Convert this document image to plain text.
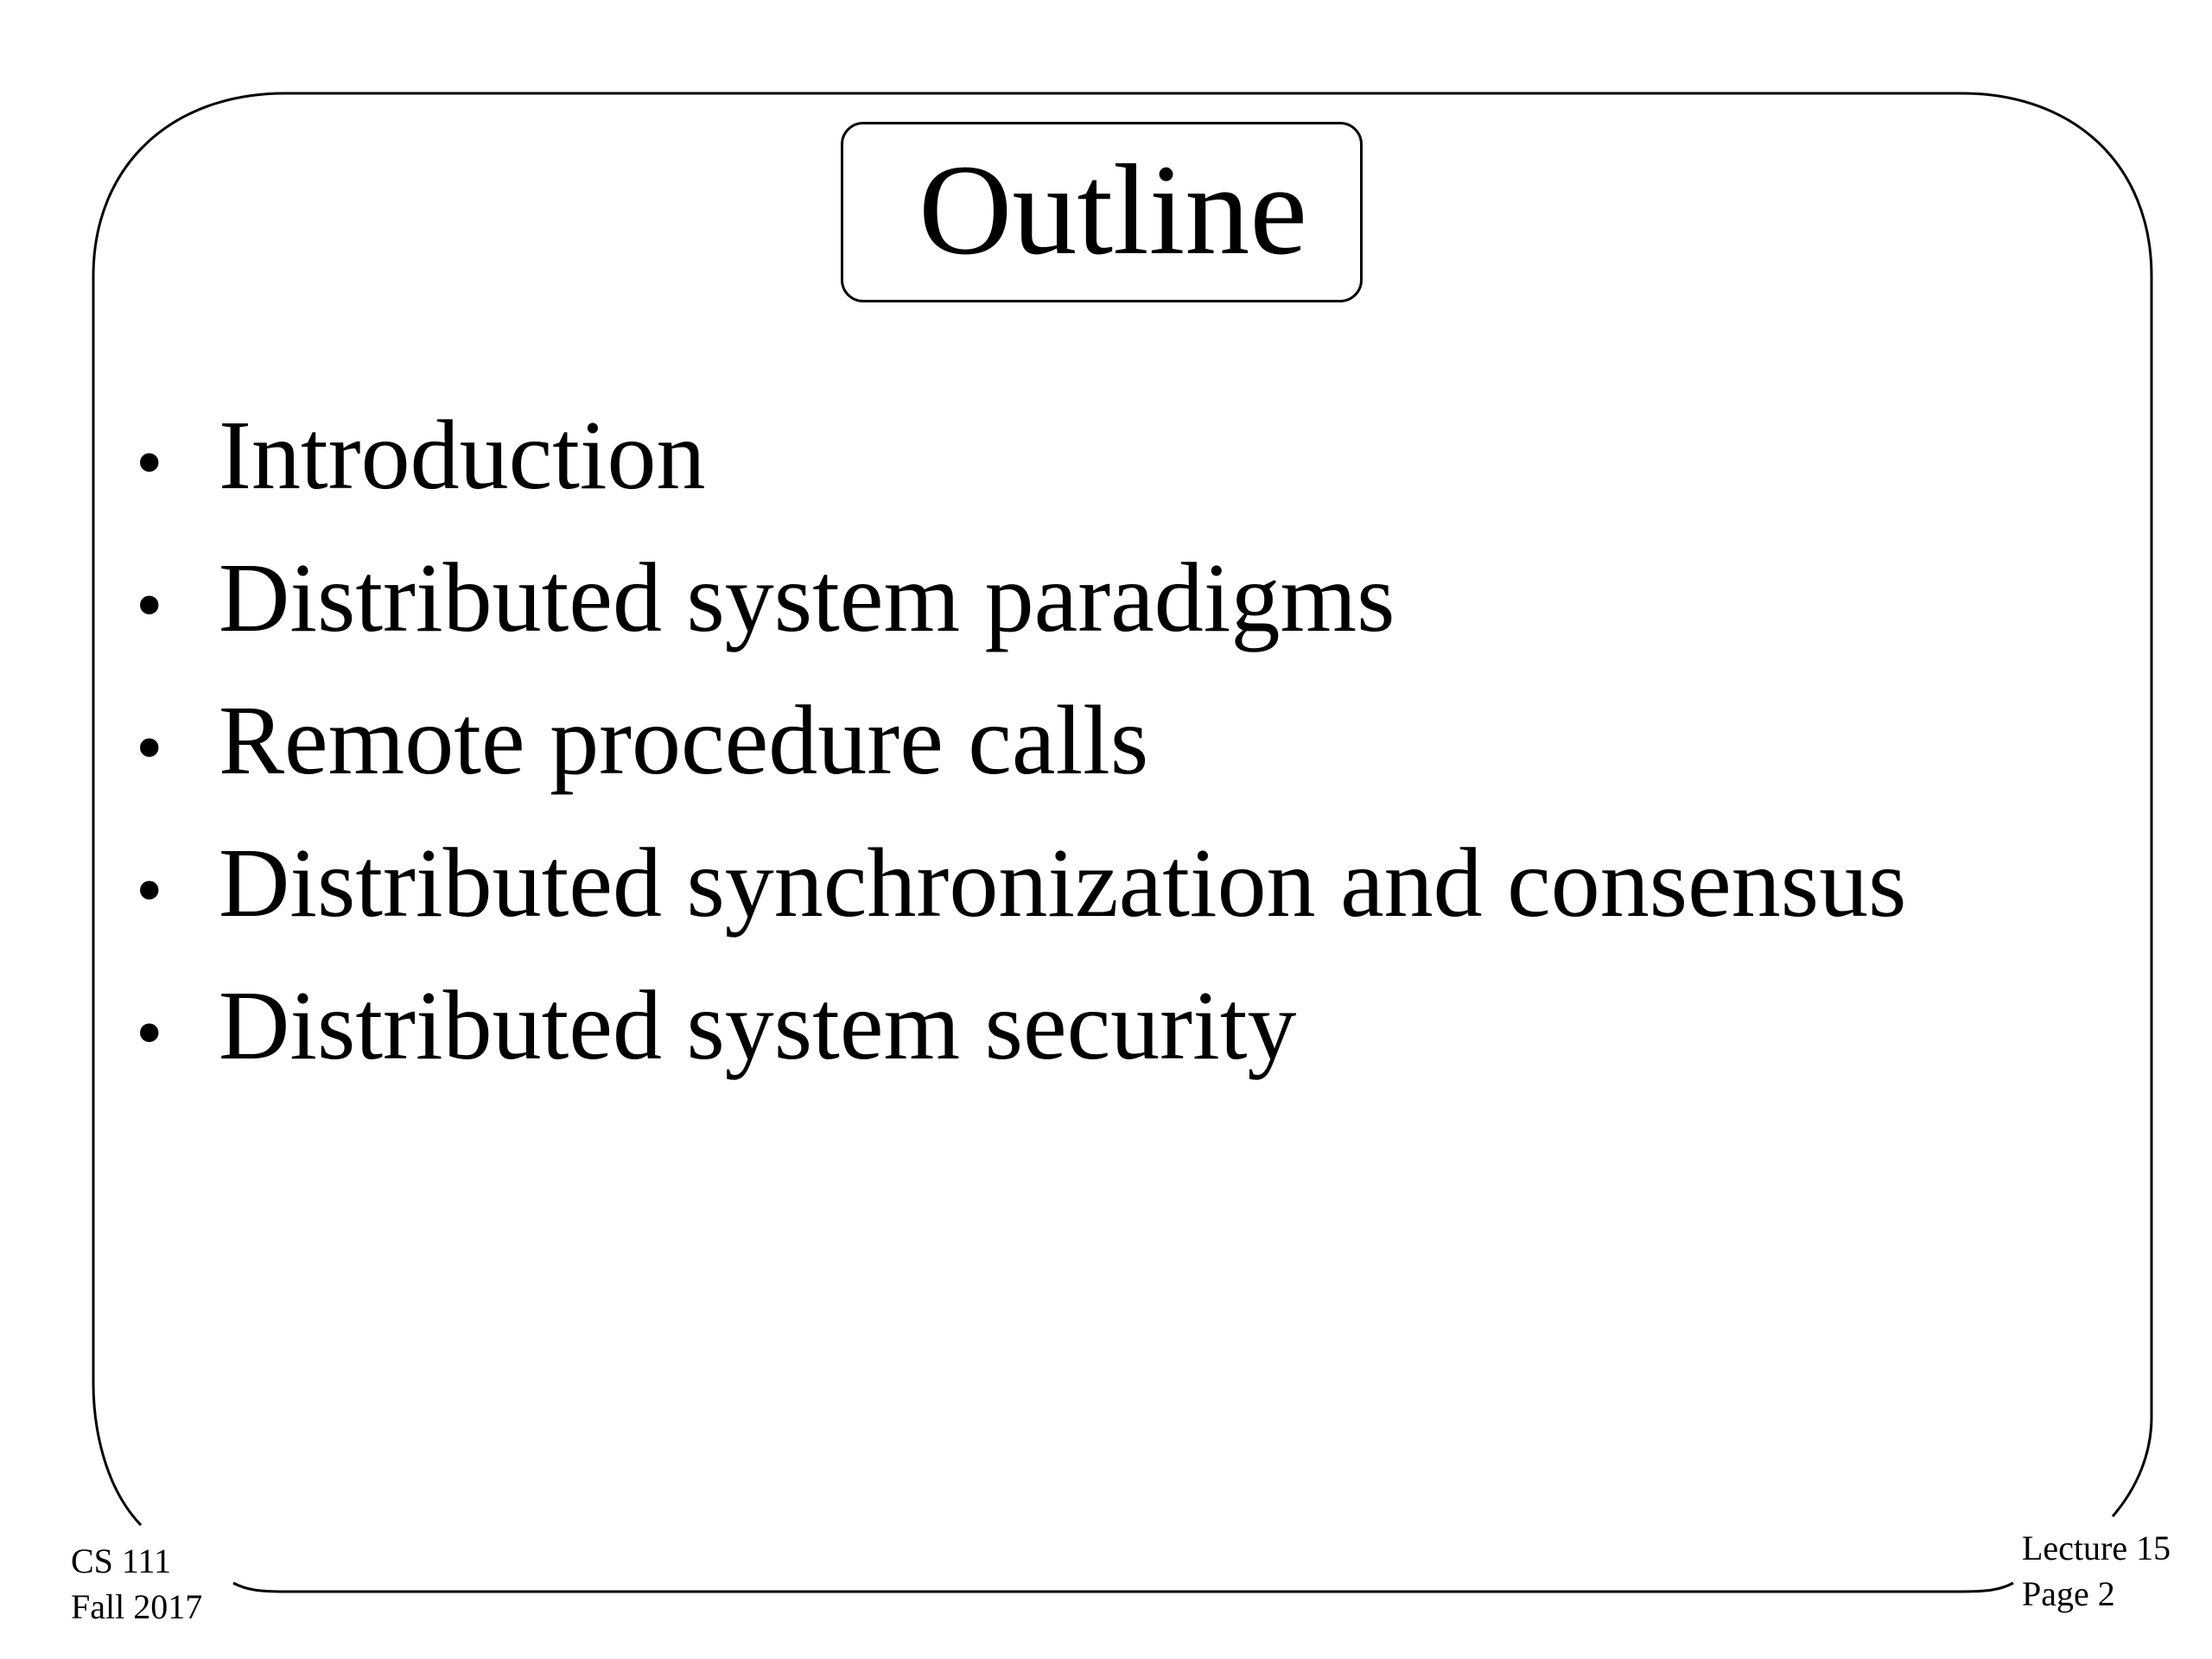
Outline
• Introduction
• Distributed system paradigms
• Remote procedure calls
• Distributed synchronization and consensus
• Distributed system security
CS 111
Fall 2017
Lecture 15
Page 2
